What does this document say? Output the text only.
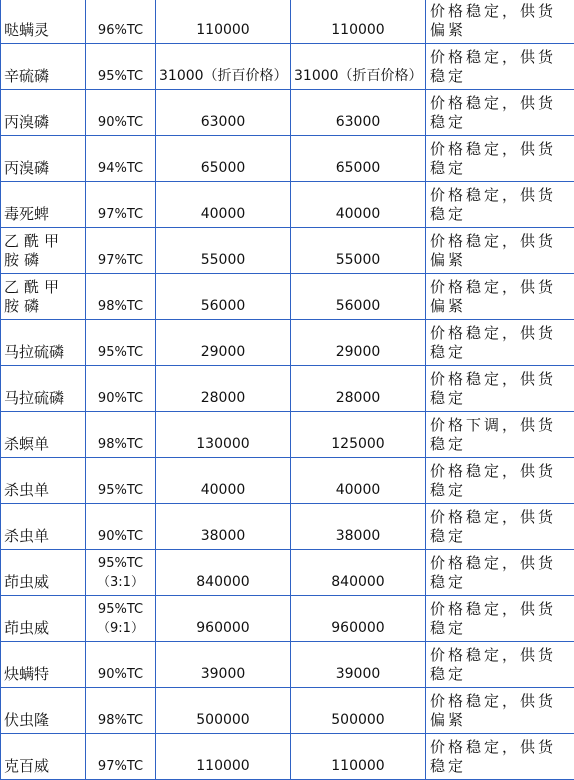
哒螨灵	96%TC	110000	110000	价格稳定，供货偏紧
辛硫磷	95%TC	31000（折百价格）	31000（折百价格）	价格稳定，供货稳定
丙溴磷	90%TC	63000	63000	价格稳定，供货稳定
丙溴磷	94%TC	65000	65000	价格稳定，供货稳定
毒死蜱	97%TC	40000	40000	价格稳定，供货稳定
乙酰甲胺磷	97%TC	55000	55000	价格稳定，供货偏紧
乙酰甲胺磷	98%TC	56000	56000	价格稳定，供货偏紧
马拉硫磷	95%TC	29000	29000	价格稳定，供货稳定
马拉硫磷	90%TC	28000	28000	价格稳定，供货稳定
杀螟单	98%TC	130000	125000	价格下调，供货稳定
杀虫单	95%TC	40000	40000	价格稳定，供货稳定
杀虫单	90%TC	38000	38000	价格稳定，供货稳定
茚虫威	95%TC（3:1）	840000	840000	价格稳定，供货稳定
茚虫威	95%TC（9:1）	960000	960000	价格稳定，供货稳定
炔螨特	90%TC	39000	39000	价格稳定，供货稳定
伏虫隆	98%TC	500000	500000	价格稳定，供货偏紧
克百威	97%TC	110000	110000	价格稳定，供货稳定
